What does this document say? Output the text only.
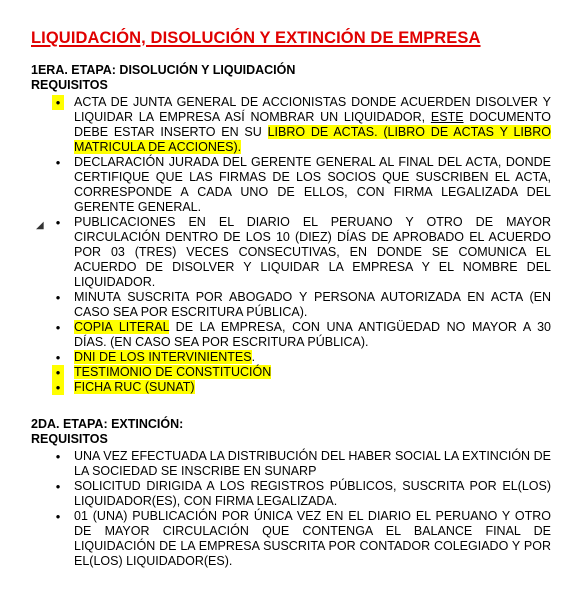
LIQUIDACIÓN, DISOLUCIÓN Y EXTINCIÓN DE EMPRESA
1ERA. ETAPA: DISOLUCIÓN Y LIQUIDACIÓN
REQUISITOS
• ACTA DE JUNTA GENERAL DE ACCIONISTAS DONDE ACUERDEN DISOLVER Y LIQUIDAR LA EMPRESA ASÍ NOMBRAR UN LIQUIDADOR, ESTE DOCUMENTO DEBE ESTAR INSERTO EN SU LIBRO DE ACTAS. (LIBRO DE ACTAS Y LIBRO MATRICULA DE ACCIONES).
• DECLARACIÓN JURADA DEL GERENTE GENERAL AL FINAL DEL ACTA, DONDE CERTIFIQUE QUE LAS FIRMAS DE LOS SOCIOS QUE SUSCRIBEN EL ACTA, CORRESPONDE A CADA UNO DE ELLOS, CON FIRMA LEGALIZADA DEL GERENTE GENERAL.
• PUBLICACIONES EN EL DIARIO EL PERUANO Y OTRO DE MAYOR CIRCULACIÓN DENTRO DE LOS 10 (DIEZ) DÍAS DE APROBADO EL ACUERDO POR 03 (TRES) VECES CONSECUTIVAS, EN DONDE SE COMUNICA EL ACUERDO DE DISOLVER Y LIQUIDAR LA EMPRESA Y EL NOMBRE DEL LIQUIDADOR.
• MINUTA SUSCRITA POR ABOGADO Y PERSONA AUTORIZADA EN ACTA (EN CASO SEA POR ESCRITURA PÚBLICA).
• COPIA LITERAL DE LA EMPRESA, CON UNA ANTIGÜEDAD NO MAYOR A 30 DÍAS. (EN CASO SEA POR ESCRITURA PÚBLICA).
• DNI DE LOS INTERVINIENTES.
• TESTIMONIO DE CONSTITUCIÓN
• FICHA RUC (SUNAT)
◢
2DA. ETAPA: EXTINCIÓN:
REQUISITOS
• UNA VEZ EFECTUADA LA DISTRIBUCIÓN DEL HABER SOCIAL LA EXTINCIÓN DE LA SOCIEDAD SE INSCRIBE EN SUNARP
• SOLICITUD DIRIGIDA A LOS REGISTROS PÚBLICOS, SUSCRITA POR EL(LOS) LIQUIDADOR(ES), CON FIRMA LEGALIZADA.
• 01 (UNA) PUBLICACIÓN POR ÚNICA VEZ EN EL DIARIO EL PERUANO Y OTRO DE MAYOR CIRCULACIÓN QUE CONTENGA EL BALANCE FINAL DE LIQUIDACIÓN DE LA EMPRESA SUSCRITA POR CONTADOR COLEGIADO Y POR EL(LOS) LIQUIDADOR(ES).
